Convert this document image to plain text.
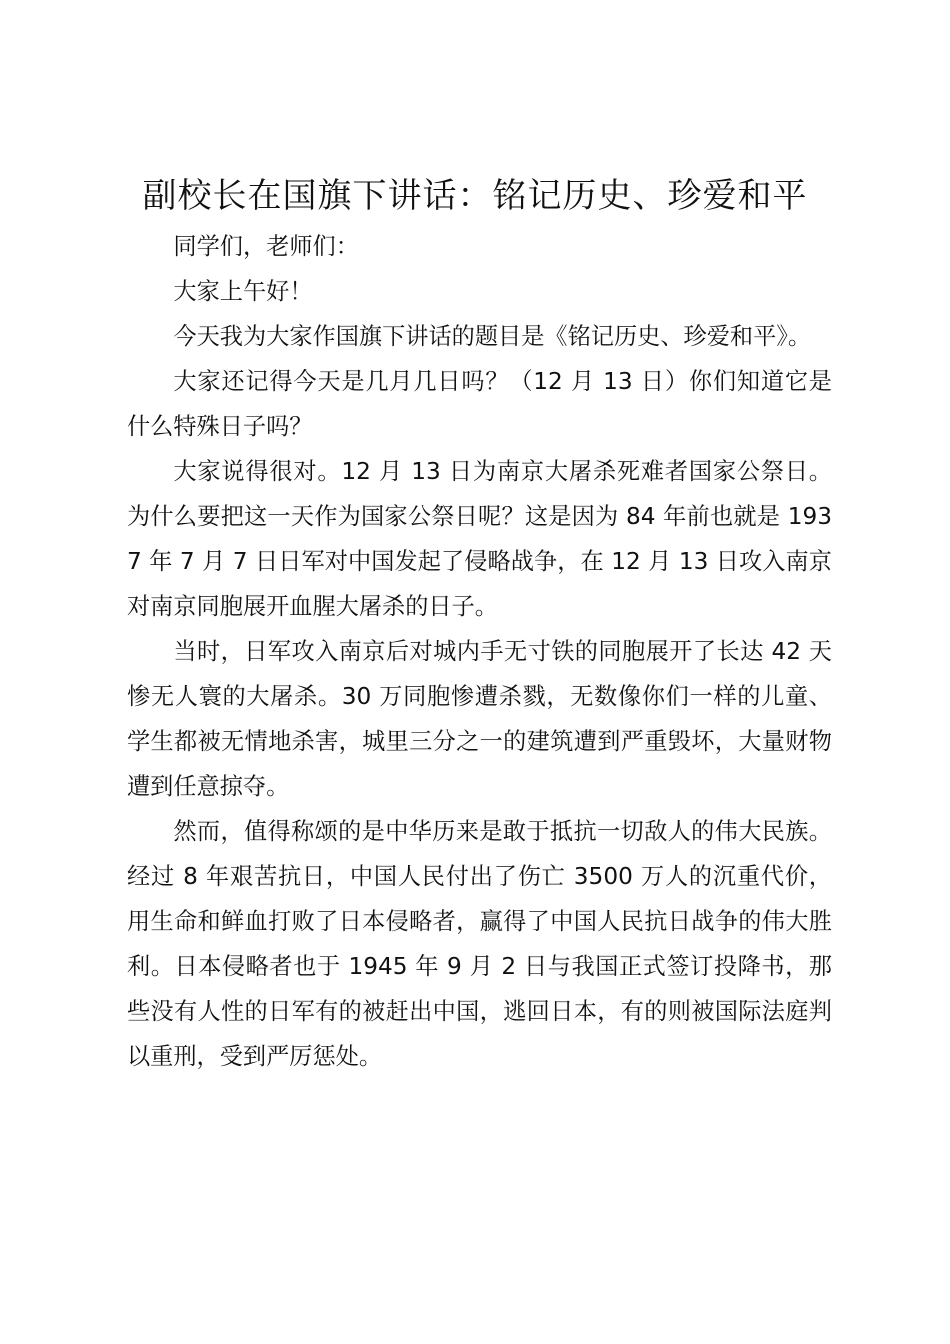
副校长在国旗下讲话：铭记历史、珍爱和平

同学们，老师们：

大家上午好！

今天我为大家作国旗下讲话的题目是《铭记历史、珍爱和平》。

大家还记得今天是几月几日吗？（12 月 13 日）你们知道它是什么特殊日子吗？

大家说得很对。12 月 13 日为南京大屠杀死难者国家公祭日。为什么要把这一天作为国家公祭日呢？这是因为 84 年前也就是 1937 年 7 月 7 日日军对中国发起了侵略战争，在 12 月 13 日攻入南京对南京同胞展开血腥大屠杀的日子。

当时，日军攻入南京后对城内手无寸铁的同胞展开了长达 42 天惨无人寰的大屠杀。30 万同胞惨遭杀戮，无数像你们一样的儿童、学生都被无情地杀害，城里三分之一的建筑遭到严重毁坏，大量财物遭到任意掠夺。

然而，值得称颂的是中华历来是敢于抵抗一切敌人的伟大民族。经过 8 年艰苦抗日，中国人民付出了伤亡 3500 万人的沉重代价，用生命和鲜血打败了日本侵略者，赢得了中国人民抗日战争的伟大胜利。日本侵略者也于 1945 年 9 月 2 日与我国正式签订投降书，那些没有人性的日军有的被赶出中国，逃回日本，有的则被国际法庭判以重刑，受到严厉惩处。
